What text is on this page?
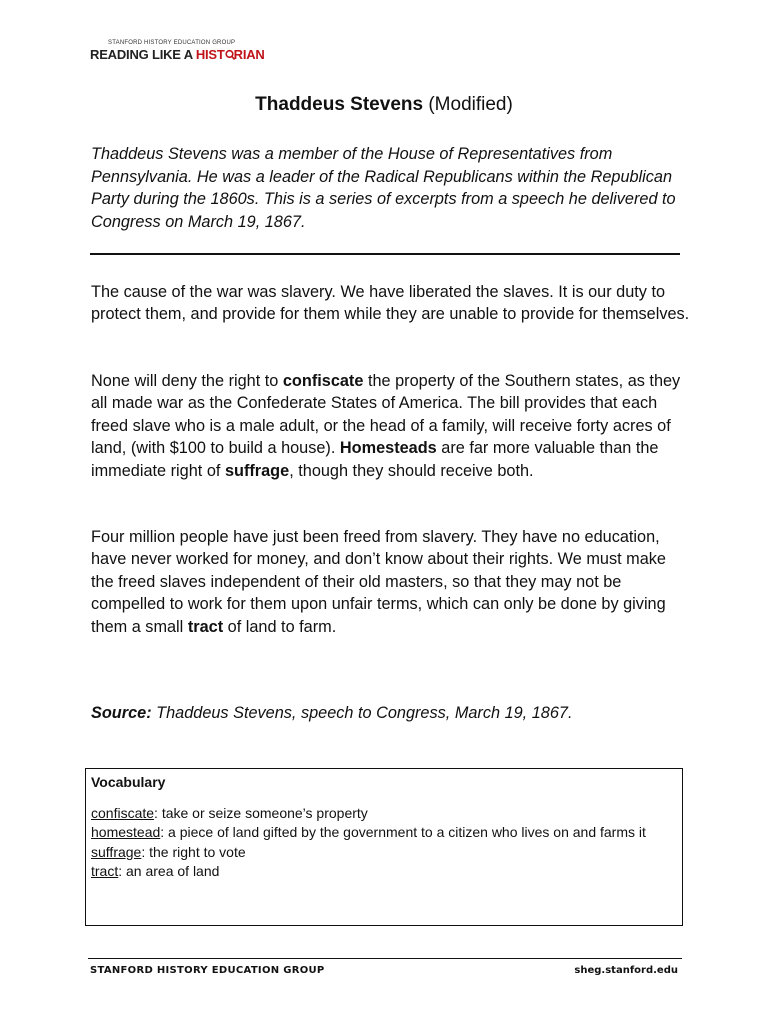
STANFORD HISTORY EDUCATION GROUP
READING LIKE A HIST RIAN
Thaddeus Stevens (Modified)
Thaddeus Stevens was a member of the House of Representatives from Pennsylvania. He was a leader of the Radical Republicans within the Republican Party during the 1860s. This is a series of excerpts from a speech he delivered to Congress on March 19, 1867.
The cause of the war was slavery. We have liberated the slaves. It is our duty to protect them, and provide for them while they are unable to provide for themselves.
None will deny the right to confiscate the property of the Southern states, as they all made war as the Confederate States of America. The bill provides that each freed slave who is a male adult, or the head of a family, will receive forty acres of land, (with $100 to build a house). Homesteads are far more valuable than the immediate right of suffrage, though they should receive both.
Four million people have just been freed from slavery. They have no education, have never worked for money, and don’t know about their rights. We must make the freed slaves independent of their old masters, so that they may not be compelled to work for them upon unfair terms, which can only be done by giving them a small tract of land to farm.
Source: Thaddeus Stevens, speech to Congress, March 19, 1867.
Vocabulary
confiscate: take or seize someone’s property
homestead: a piece of land gifted by the government to a citizen who lives on and farms it
suffrage: the right to vote
tract: an area of land
STANFORD HISTORY EDUCATION GROUP	sheg.stanford.edu
